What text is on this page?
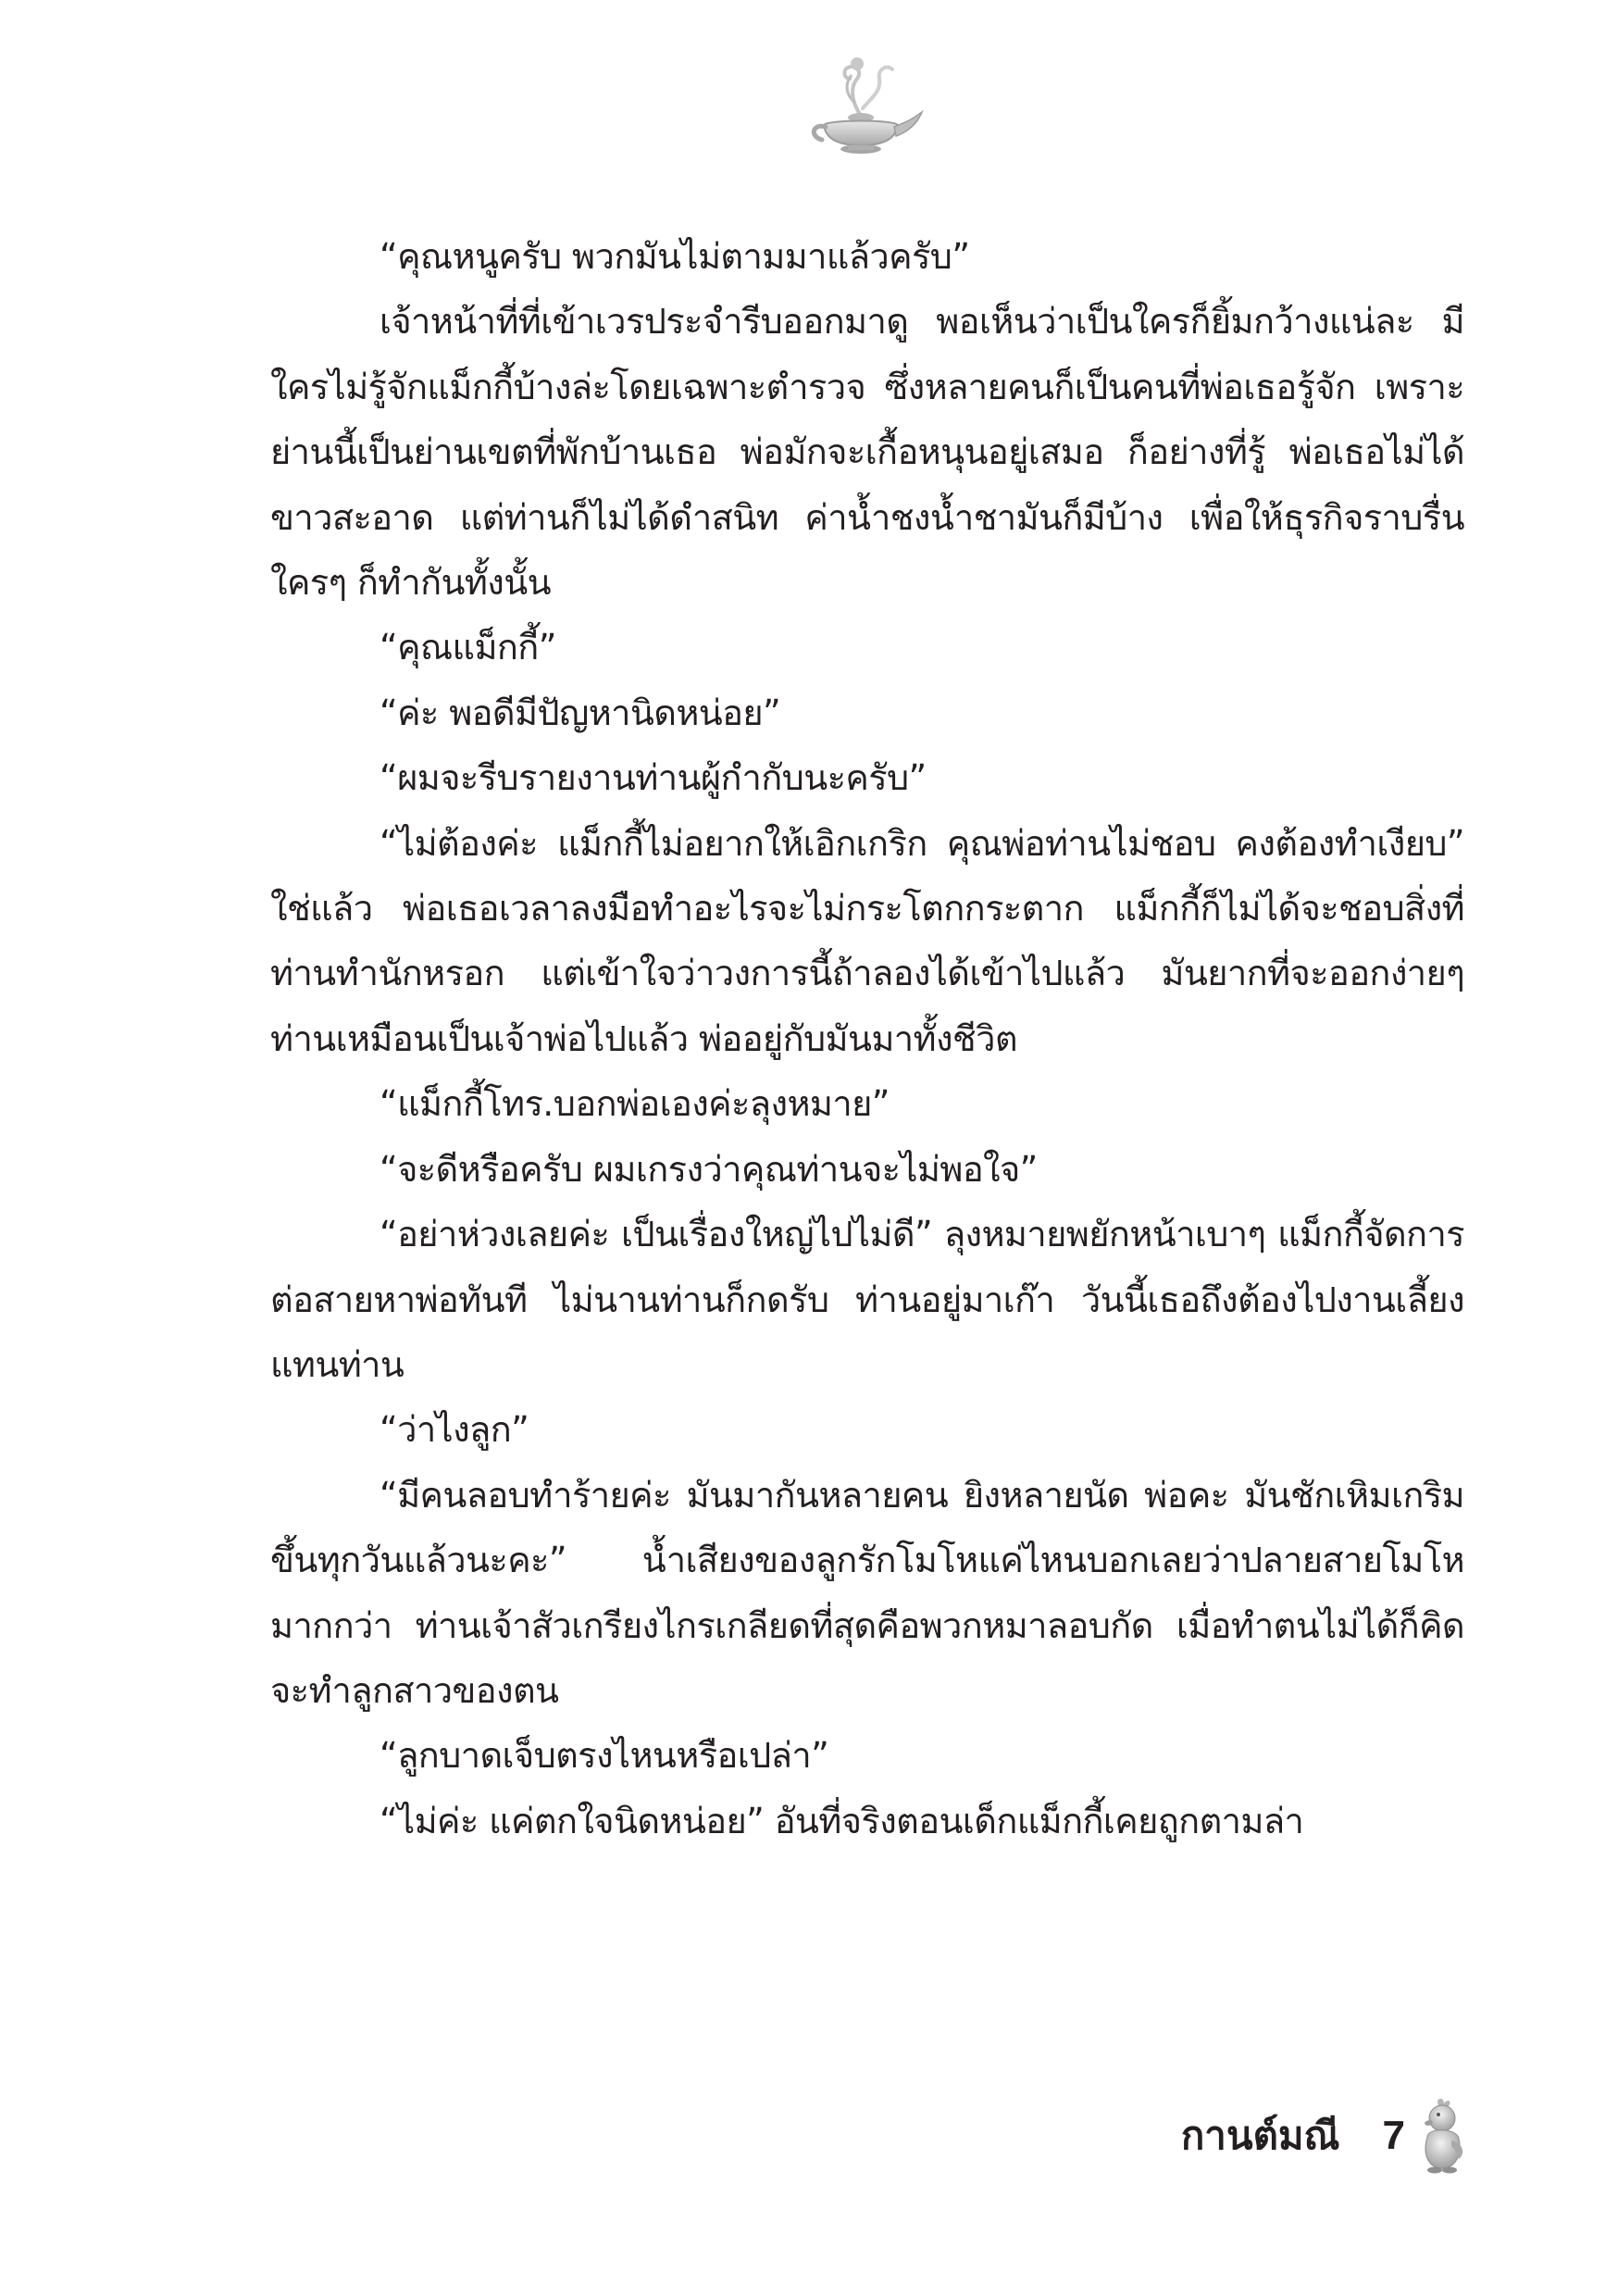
“คุณหนูครับ พวกมันไม่ตามมาแล้วครับ”

เจ้าหน้าที่ที่เข้าเวรประจำรีบออกมาดู พอเห็นว่าเป็นใครก็ยิ้มกว้างแน่ละ มีใครไม่รู้จักแม็กกี้บ้างล่ะโดยเฉพาะตำรวจ ซึ่งหลายคนก็เป็นคนที่พ่อเธอรู้จัก เพราะย่านนี้เป็นย่านเขตที่พักบ้านเธอ พ่อมักจะเกื้อหนุนอยู่เสมอ ก็อย่างที่รู้ พ่อเธอไม่ได้ขาวสะอาด แต่ท่านก็ไม่ได้ดำสนิท ค่าน้ำชงน้ำชามันก็มีบ้าง เพื่อให้ธุรกิจราบรื่น ใครๆ ก็ทำกันทั้งนั้น

“คุณแม็กกี้”

“ค่ะ พอดีมีปัญหานิดหน่อย”

“ผมจะรีบรายงานท่านผู้กำกับนะครับ”

“ไม่ต้องค่ะ แม็กกี้ไม่อยากให้เอิกเกริก คุณพ่อท่านไม่ชอบ คงต้องทำเงียบ” ใช่แล้ว พ่อเธอเวลาลงมือทำอะไรจะไม่กระโตกกระตาก แม็กกี้ก็ไม่ได้จะชอบสิ่งที่ท่านทำนักหรอก แต่เข้าใจว่าวงการนี้ถ้าลองได้เข้าไปแล้ว มันยากที่จะออกง่ายๆ ท่านเหมือนเป็นเจ้าพ่อไปแล้ว พ่ออยู่กับมันมาทั้งชีวิต

“แม็กกี้โทร.บอกพ่อเองค่ะลุงหมาย”

“จะดีหรือครับ ผมเกรงว่าคุณท่านจะไม่พอใจ”

“อย่าห่วงเลยค่ะ เป็นเรื่องใหญ่ไปไม่ดี” ลุงหมายพยักหน้าเบาๆ แม็กกี้จัดการต่อสายหาพ่อทันที ไม่นานท่านก็กดรับ ท่านอยู่มาเก๊า วันนี้เธอถึงต้องไปงานเลี้ยงแทนท่าน

“ว่าไงลูก”

“มีคนลอบทำร้ายค่ะ มันมากันหลายคน ยิงหลายนัด พ่อคะ มันชักเหิมเกริมขึ้นทุกวันแล้วนะคะ” น้ำเสียงของลูกรักโมโหแค่ไหนบอกเลยว่าปลายสายโมโหมากกว่า ท่านเจ้าสัวเกรียงไกรเกลียดที่สุดคือพวกหมาลอบกัด เมื่อทำตนไม่ได้ก็คิดจะทำลูกสาวของตน

“ลูกบาดเจ็บตรงไหนหรือเปล่า”

“ไม่ค่ะ แค่ตกใจนิดหน่อย” อันที่จริงตอนเด็กแม็กกี้เคยถูกตามล่า

กานต์มณี 7
